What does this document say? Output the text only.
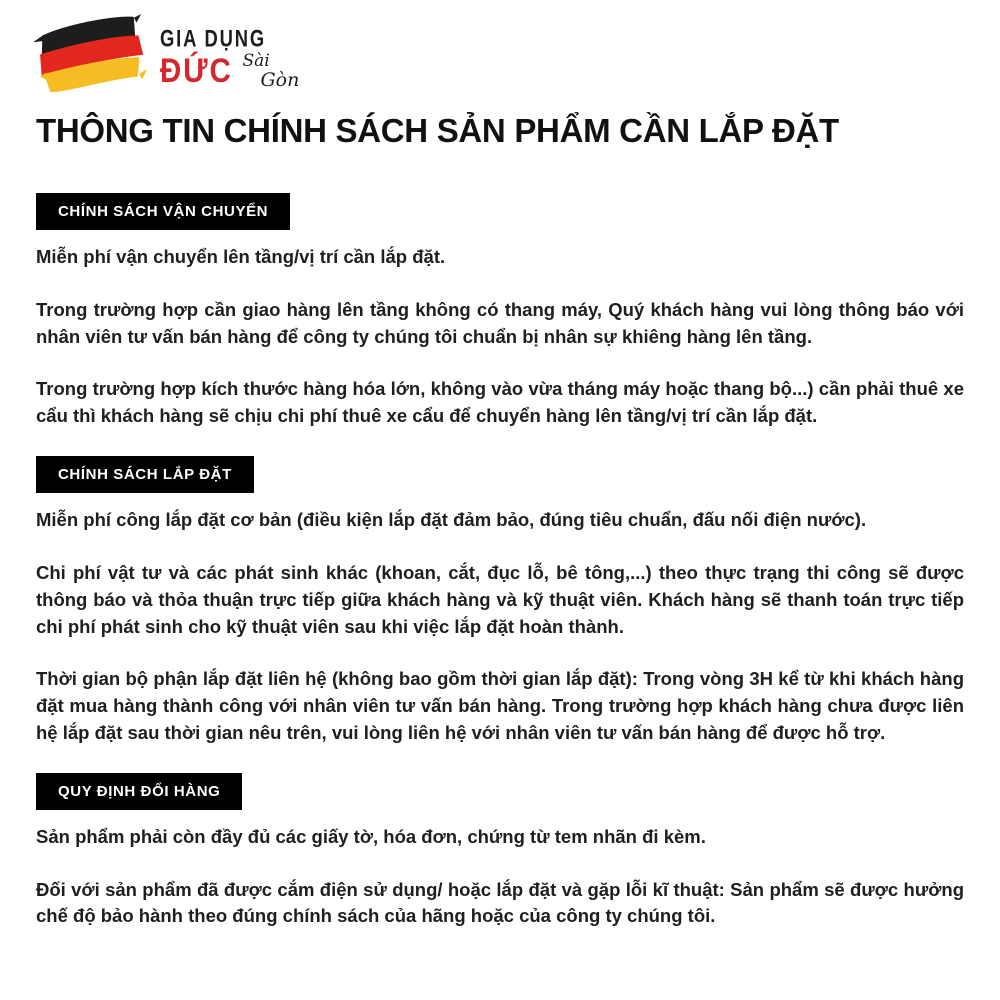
GIA DỤNG
ĐỨC Sài
Gòn
THÔNG TIN CHÍNH SÁCH SẢN PHẨM CẦN LẮP ĐẶT
CHÍNH SÁCH VẬN CHUYỂN

Miễn phí vận chuyển lên tầng/vị trí cần lắp đặt.

Trong trường hợp cần giao hàng lên tầng không có thang máy, Quý khách hàng vui lòng thông báo với nhân viên tư vấn bán hàng để công ty chúng tôi chuẩn bị nhân sự khiêng hàng lên tầng.

Trong trường hợp kích thước hàng hóa lớn, không vào vừa tháng máy hoặc thang bộ...) cần phải thuê xe cẩu thì khách hàng sẽ chịu chi phí thuê xe cẩu để chuyển hàng lên tầng/vị trí cần lắp đặt.

CHÍNH SÁCH LẮP ĐẶT

Miễn phí công lắp đặt cơ bản (điều kiện lắp đặt đảm bảo, đúng tiêu chuẩn, đấu nối điện nước).

Chi phí vật tư và các phát sinh khác (khoan, cắt, đục lỗ, bê tông,...) theo thực trạng thi công sẽ được thông báo và thỏa thuận trực tiếp giữa khách hàng và kỹ thuật viên. Khách hàng sẽ thanh toán trực tiếp chi phí phát sinh cho kỹ thuật viên sau khi việc lắp đặt hoàn thành.

Thời gian bộ phận lắp đặt liên hệ (không bao gồm thời gian lắp đặt): Trong vòng 3H kể từ khi khách hàng đặt mua hàng thành công với nhân viên tư vấn bán hàng. Trong trường hợp khách hàng chưa được liên hệ lắp đặt sau thời gian nêu trên, vui lòng liên hệ với nhân viên tư vấn bán hàng để được hỗ trợ.

QUY ĐỊNH ĐỔI HÀNG

Sản phẩm phải còn đầy đủ các giấy tờ, hóa đơn, chứng từ tem nhãn đi kèm.

Đối với sản phẩm đã được cắm điện sử dụng/ hoặc lắp đặt và gặp lỗi kĩ thuật: Sản phẩm sẽ được hưởng chế độ bảo hành theo đúng chính sách của hãng hoặc của công ty chúng tôi.
